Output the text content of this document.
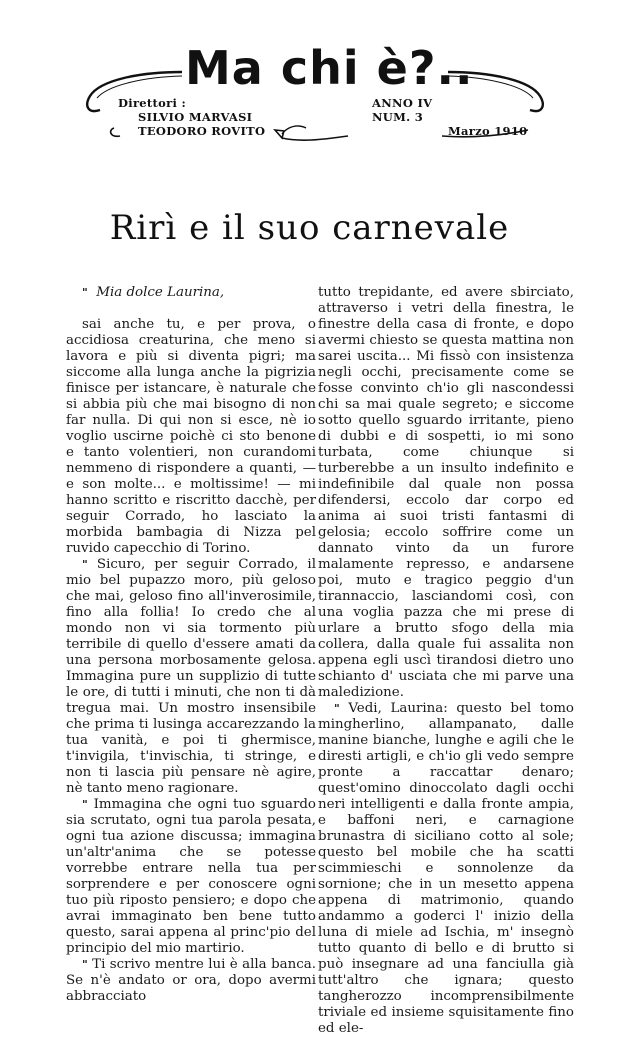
Ma chi è?..
Direttori :
SILVIO MARVASI
TEODORO ROVITO
ANNO IV
NUM. 3
Marzo 1910
Rirì e il suo carnevale

" Mia dolce Laurina,

sai anche tu, e per prova, o accidiosa creaturina, che meno si lavora e più si diventa pigri; ma siccome alla lunga anche la pigrizia finisce per istancare, è naturale che si abbia più che mai bisogno di non far nulla. Di qui non si esce, nè io voglio uscirne poichè ci sto benone e tanto volentieri, non curandomi nemmeno di rispondere a quanti, — e son molte... e moltissime! — mi hanno scritto e riscritto dacchè, per seguir Corrado, ho lasciato la morbida bambagia di Nizza pel ruvido capecchio di Torino.

" Sicuro, per seguir Corrado, il mio bel pupazzo moro, più geloso che mai, geloso fino all'inverosimile, fino alla follia! Io credo che al mondo non vi sia tormento più terribile di quello d'essere amati da una persona morbosamente gelosa. Immagina pure un supplizio di tutte le ore, di tutti i minuti, che non ti dà tregua mai. Un mostro insensibile che prima ti lusinga accarezzando la tua vanità, e poi ti ghermisce, t'invigila, t'invischia, ti stringe, e non ti lascia più pensare nè agire, nè tanto meno ragionare.

" Immagina che ogni tuo sguardo sia scrutato, ogni tua parola pesata, ogni tua azione discussa; immagina un'altr'anima che se potesse vorrebbe entrare nella tua per sorprendere e per conoscere ogni tuo più riposto pensiero; e dopo che avrai immaginato ben bene tutto questo, sarai appena al princ'pio del principio del mio martirio.

" Ti scrivo mentre lui è alla banca. Se n'è andato or ora, dopo avermi abbracciato

tutto trepidante, ed avere sbirciato, attraverso i vetri della finestra, le finestre della casa di fronte, e dopo avermi chiesto se questa mattina non sarei uscita... Mi fissò con insistenza negli occhi, precisamente come se fosse convinto ch'io gli nascondessi chi sa mai quale segreto; e siccome sotto quello sguardo irritante, pieno di dubbi e di sospetti, io mi sono turbata, come chiunque si turberebbe a un insulto indefinito e indefinibile dal quale non possa difendersi, eccolo dar corpo ed anima ai suoi tristi fantasmi di gelosia; eccolo soffrire come un dannato vinto da un furore malamente represso, e andarsene poi, muto e tragico peggio d'un tirannaccio, lasciandomi così, con una voglia pazza che mi prese di urlare a brutto sfogo della mia collera, dalla quale fui assalita non appena egli uscì tirandosi dietro uno schianto d' usciata che mi parve una maledizione.

" Vedi, Laurina: questo bel tomo mingherlino, allampanato, dalle manine bianche, lunghe e agili che le diresti artigli, e ch'io gli vedo sempre pronte a raccattar denaro; quest'omino dinoccolato dagli occhi neri intelligenti e dalla fronte ampia, e baffoni neri, e carnagione brunastra di siciliano cotto al sole; questo bel mobile che ha scatti scimmieschi e sonnolenze da sornione; che in un mesetto appena appena di matrimonio, quando andammo a goderci l' inizio della luna di miele ad Ischia, m' insegnò tutto quanto di bello e di brutto si può insegnare ad una fanciulla già tutt'altro che ignara; questo tangherozzo incomprensibilmente triviale ed insieme squisitamente fino ed ele-
